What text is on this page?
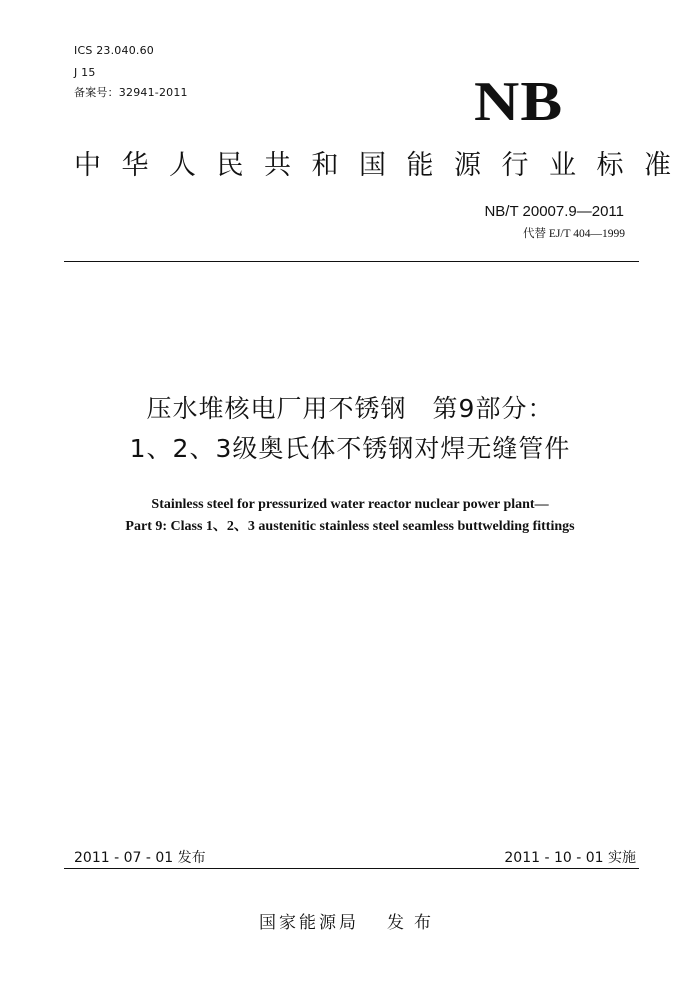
ICS 23.040.60
J 15
备案号：32941-2011	NB
中华人民共和国能源行业标准
NB/T 20007.9—2011
代替 EJ/T 404—1999
压水堆核电厂用不锈钢　第9部分：
1、2、3级奥氏体不锈钢对焊无缝管件
Stainless steel for pressurized water reactor nuclear power plant—
Part 9: Class 1、2、3 austenitic stainless steel seamless buttwelding fittings
2011 - 07 - 01 发布	2011 - 10 - 01 实施
国家能源局 发布
